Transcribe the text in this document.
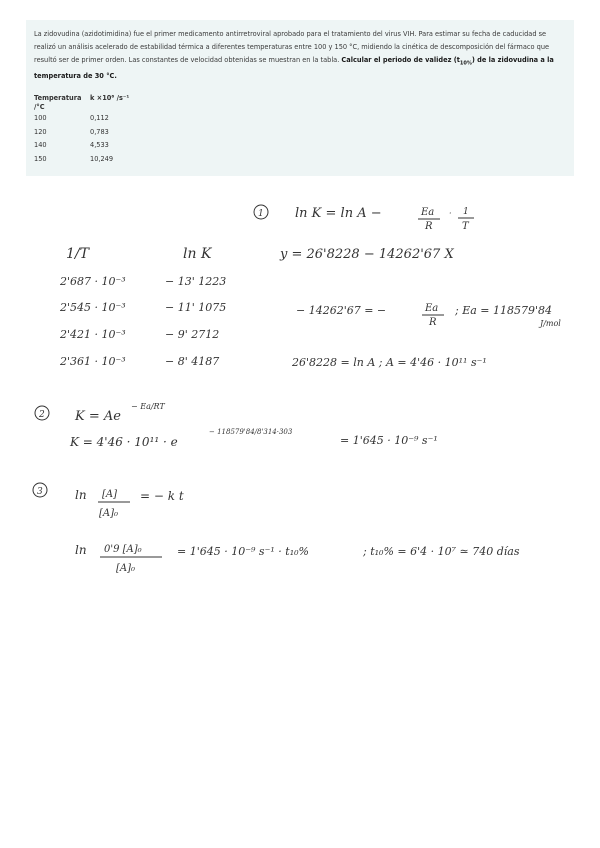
La zidovudina (azidotimidina) fue el primer medicamento antirretroviral aprobado para el tratamiento del virus VIH. Para estimar su fecha de caducidad se realizó un análisis acelerado de estabilidad térmica a diferentes temperaturas entre 100 y 150 °C, midiendo la cinética de descomposición del fármaco que resultó ser de primer orden. Las constantes de velocidad obtenidas se muestran en la tabla. Calcular el periodo de validez $(t_{10\%})$ de la zidovudina a la temperatura de 30 °C.

Temperatura
/°C	k ×10⁶ /s⁻¹
100	0,112
120	0,783
140	4,533
150	10,249
1 ln K = ln A −	Ea
R
· 1
T
1/T	ln K	y = 26'8228 − 14262'67 X
2'687 · 10⁻³	− 13' 1223
2'545 · 10⁻³	− 11' 1075
2'421 · 10⁻³	− 9' 2712
2'361 · 10⁻³	− 8' 4187
− 14262'67 = −	Ea
R
; Ea = 118579'84
J/mol
26'8228 = ln A ; A = 4'46 · 10¹¹ s⁻¹
2 K = Ae
− Ea/RT
K = 4'46 · 10¹¹ · e
− 118579'84/8'314·303
= 1'645 · 10⁻⁹ s⁻¹
3	ln [A]
[A]₀
= − k t
ln 0'9 [A]₀
[A]₀
= 1'645 · 10⁻⁹ s⁻¹ · t₁₀%	; t₁₀% = 6'4 · 10⁷ ≃ 740 días
